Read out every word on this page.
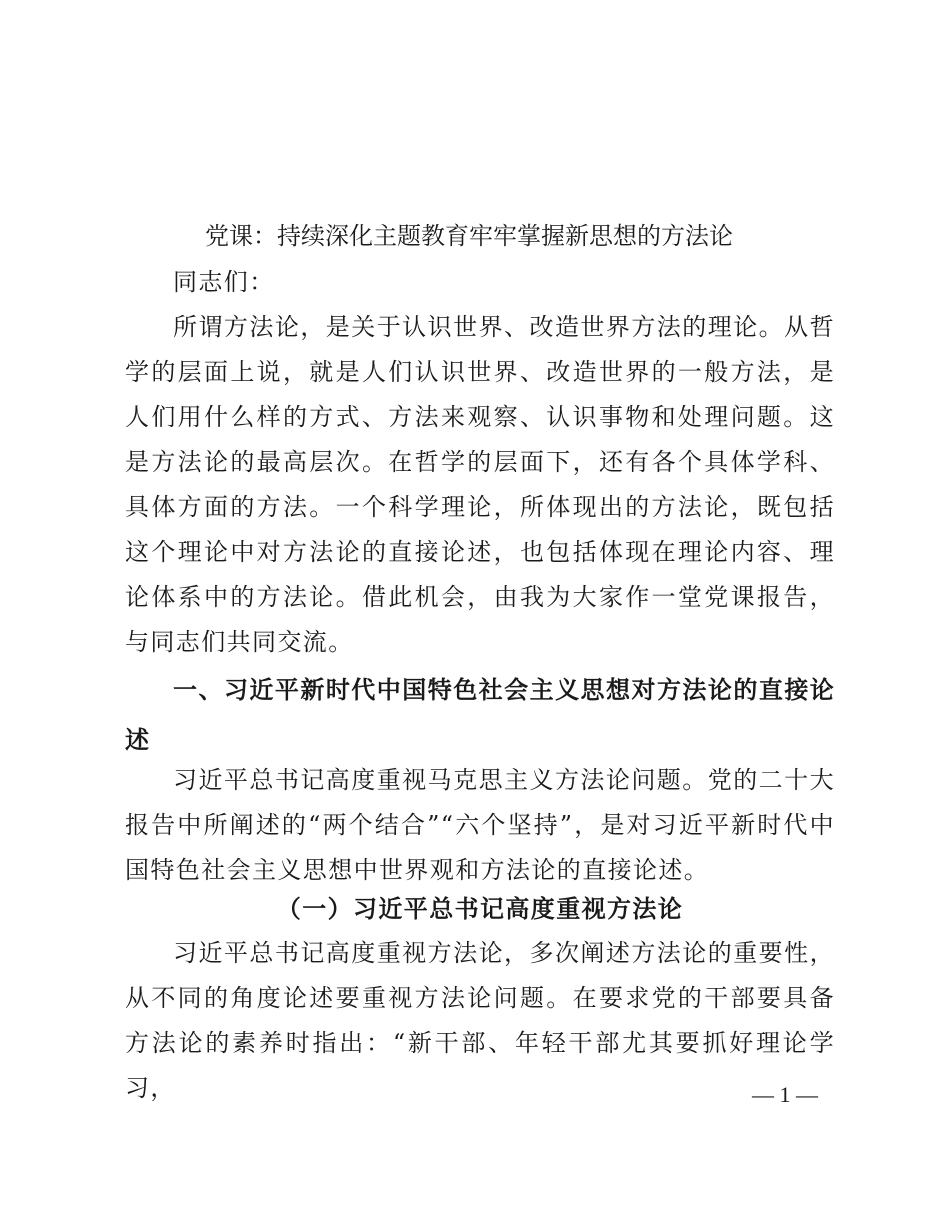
党课：持续深化主题教育牢牢掌握新思想的方法论

同志们：

所谓方法论，是关于认识世界、改造世界方法的理论。从哲学的层面上说，就是人们认识世界、改造世界的一般方法，是人们用什么样的方式、方法来观察、认识事物和处理问题。这是方法论的最高层次。在哲学的层面下，还有各个具体学科、具体方面的方法。一个科学理论，所体现出的方法论，既包括这个理论中对方法论的直接论述，也包括体现在理论内容、理论体系中的方法论。借此机会，由我为大家作一堂党课报告，与同志们共同交流。

一、习近平新时代中国特色社会主义思想对方法论的直接论述

习近平总书记高度重视马克思主义方法论问题。党的二十大报告中所阐述的“两个结合”“六个坚持”，是对习近平新时代中国特色社会主义思想中世界观和方法论的直接论述。

（一）习近平总书记高度重视方法论

习近平总书记高度重视方法论，多次阐述方法论的重要性，从不同的角度论述要重视方法论问题。在要求党的干部要具备方法论的素养时指出：“新干部、年轻干部尤其要抓好理论学习，	— 1 —
